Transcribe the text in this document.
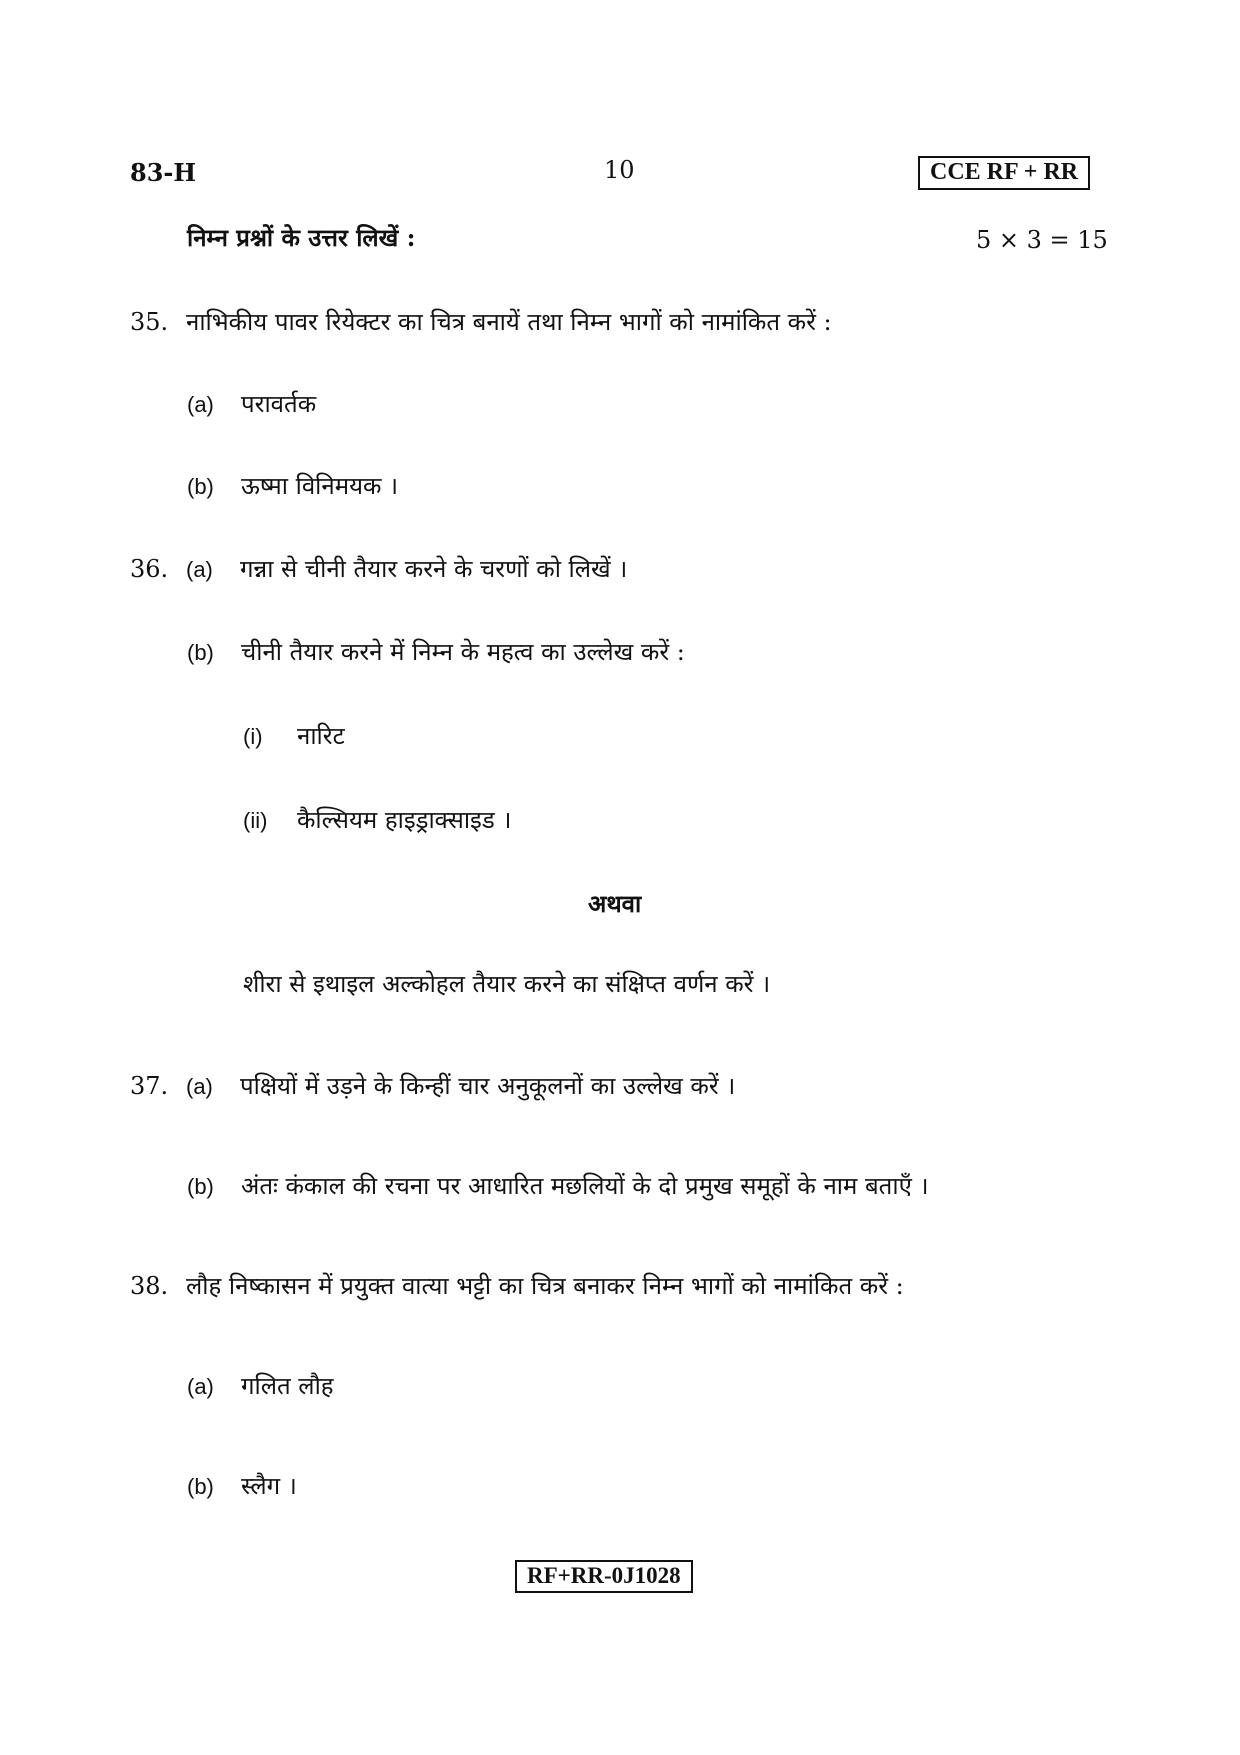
83-H	10	CCE RF + RR
निम्न प्रश्नों के उत्तर लिखें :	5 × 3 = 15
35. नाभिकीय पावर रियेक्टर का चित्र बनायें तथा निम्न भागों को नामांकित करें :
(a) परावर्तक
(b) ऊष्मा विनिमयक ।
36. (a) गन्ना से चीनी तैयार करने के चरणों को लिखें ।
(b) चीनी तैयार करने में निम्न के महत्व का उल्लेख करें :
(i) नारिट
(ii) कैल्सियम हाइड्राक्साइड ।
अथवा
शीरा से इथाइल अल्कोहल तैयार करने का संक्षिप्त वर्णन करें ।
37. (a) पक्षियों में उड़ने के किन्हीं चार अनुकूलनों का उल्लेख करें ।
(b) अंतः कंकाल की रचना पर आधारित मछलियों के दो प्रमुख समूहों के नाम बताएँ ।
38. लौह निष्कासन में प्रयुक्त वात्या भट्टी का चित्र बनाकर निम्न भागों को नामांकित करें :
(a) गलित लौह
(b) स्लैग ।
RF+RR-0J1028
